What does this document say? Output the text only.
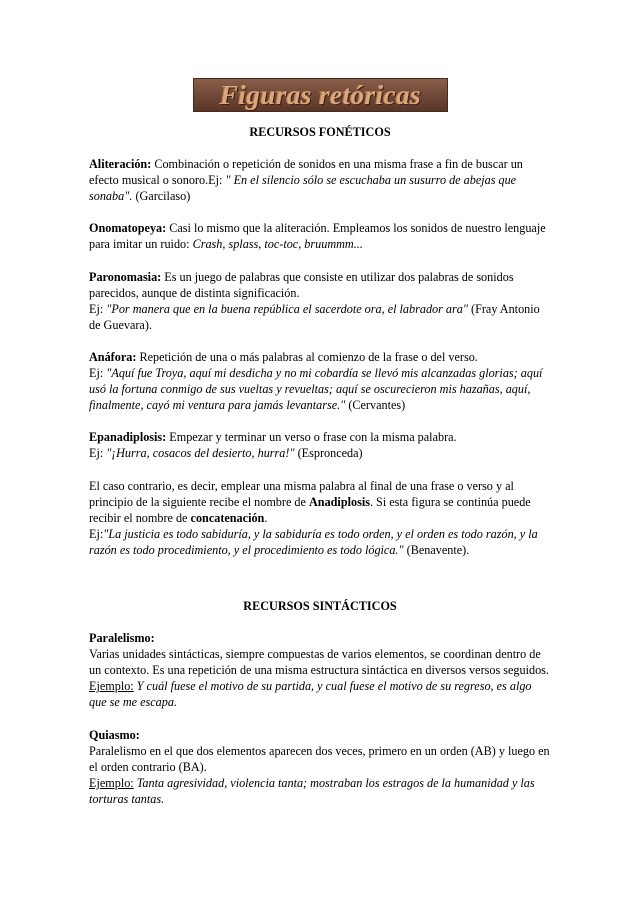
Figuras retóricas

RECURSOS FONÉTICOS

Aliteración: Combinación o repetición de sonidos en una misma frase a fin de buscar un efecto musical o sonoro.Ej: " En el silencio sólo se escuchaba un susurro de abejas que sonaba". (Garcilaso)

Onomatopeya: Casi lo mismo que la aliteración. Empleamos los sonidos de nuestro lenguaje para imitar un ruido: Crash, splass, toc-toc, bruummm...

Paronomasia: Es un juego de palabras que consiste en utilizar dos palabras de sonidos parecidos, aunque de distinta significación.
Ej: "Por manera que en la buena república el sacerdote ora, el labrador ara" (Fray Antonio de Guevara).

Anáfora: Repetición de una o más palabras al comienzo de la frase o del verso.
Ej: "Aquí fue Troya, aquí mi desdicha y no mi cobardía se llevó mis alcanzadas glorias; aquí usó la fortuna conmigo de sus vueltas y revueltas; aquí se oscurecieron mis hazañas, aquí, finalmente, cayó mi ventura para jamás levantarse." (Cervantes)

Epanadiplosis: Empezar y terminar un verso o frase con la misma palabra.
Ej: "¡Hurra, cosacos del desierto, hurra!" (Espronceda)

El caso contrario, es decir, emplear una misma palabra al final de una frase o verso y al principio de la siguiente recibe el nombre de Anadiplosis. Si esta figura se continúa puede recibir el nombre de concatenación.
Ej:"La justicia es todo sabiduría, y la sabiduría es todo orden, y el orden es todo razón, y la razón es todo procedimiento, y el procedimiento es todo lógica." (Benavente).

RECURSOS SINTÁCTICOS

Paralelismo:
Varias unidades sintácticas, siempre compuestas de varios elementos, se coordinan dentro de un contexto. Es una repetición de una misma estructura sintáctica en diversos versos seguidos.
Ejemplo: Y cuál fuese el motivo de su partida, y cual fuese el motivo de su regreso, es algo que se me escapa.

Quiasmo:
Paralelismo en el que dos elementos aparecen dos veces, primero en un orden (AB) y luego en el orden contrario (BA).
Ejemplo: Tanta agresividad, violencia tanta; mostraban los estragos de la humanidad y las torturas tantas.
